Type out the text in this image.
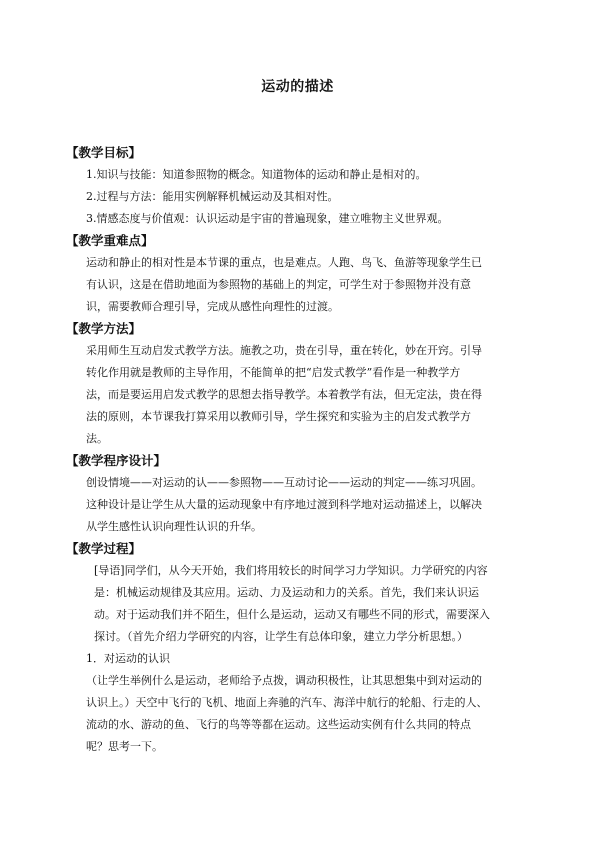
运动的描述
【教学目标】
1.知识与技能：知道参照物的概念。知道物体的运动和静止是相对的。
2.过程与方法：能用实例解释机械运动及其相对性。
3.情感态度与价值观：认识运动是宇宙的普遍现象，建立唯物主义世界观。
【教学重难点】
运动和静止的相对性是本节课的重点，也是难点。人跑、鸟飞、鱼游等现象学生已
有认识，这是在借助地面为参照物的基础上的判定，可学生对于参照物并没有意
识，需要教师合理引导，完成从感性向理性的过渡。
【教学方法】
采用师生互动启发式教学方法。施教之功，贵在引导，重在转化，妙在开窍。引导
转化作用就是教师的主导作用，不能简单的把“启发式教学”看作是一种教学方
法，而是要运用启发式教学的思想去指导教学。本着教学有法，但无定法，贵在得
法的原则，本节课我打算采用以教师引导，学生探究和实验为主的启发式教学方
法。
【教学程序设计】
创设情境——对运动的认——参照物——互动讨论——运动的判定——练习巩固。
这种设计是让学生从大量的运动现象中有序地过渡到科学地对运动描述上，以解决
从学生感性认识向理性认识的升华。
【教学过程】
[导语]同学们，从今天开始，我们将用较长的时间学习力学知识。力学研究的内容
是：机械运动规律及其应用。运动、力及运动和力的关系。首先，我们来认识运
动。对于运动我们并不陌生，但什么是运动，运动又有哪些不同的形式，需要深入
探讨。（首先介绍力学研究的内容，让学生有总体印象，建立力学分析思想。）
1．对运动的认识
（让学生举例什么是运动，老师给予点拨，调动积极性，让其思想集中到对运动的
认识上。）天空中飞行的飞机、地面上奔驰的汽车、海洋中航行的轮船、行走的人、
流动的水、游动的鱼、飞行的鸟等等都在运动。这些运动实例有什么共同的特点
呢？思考一下。
